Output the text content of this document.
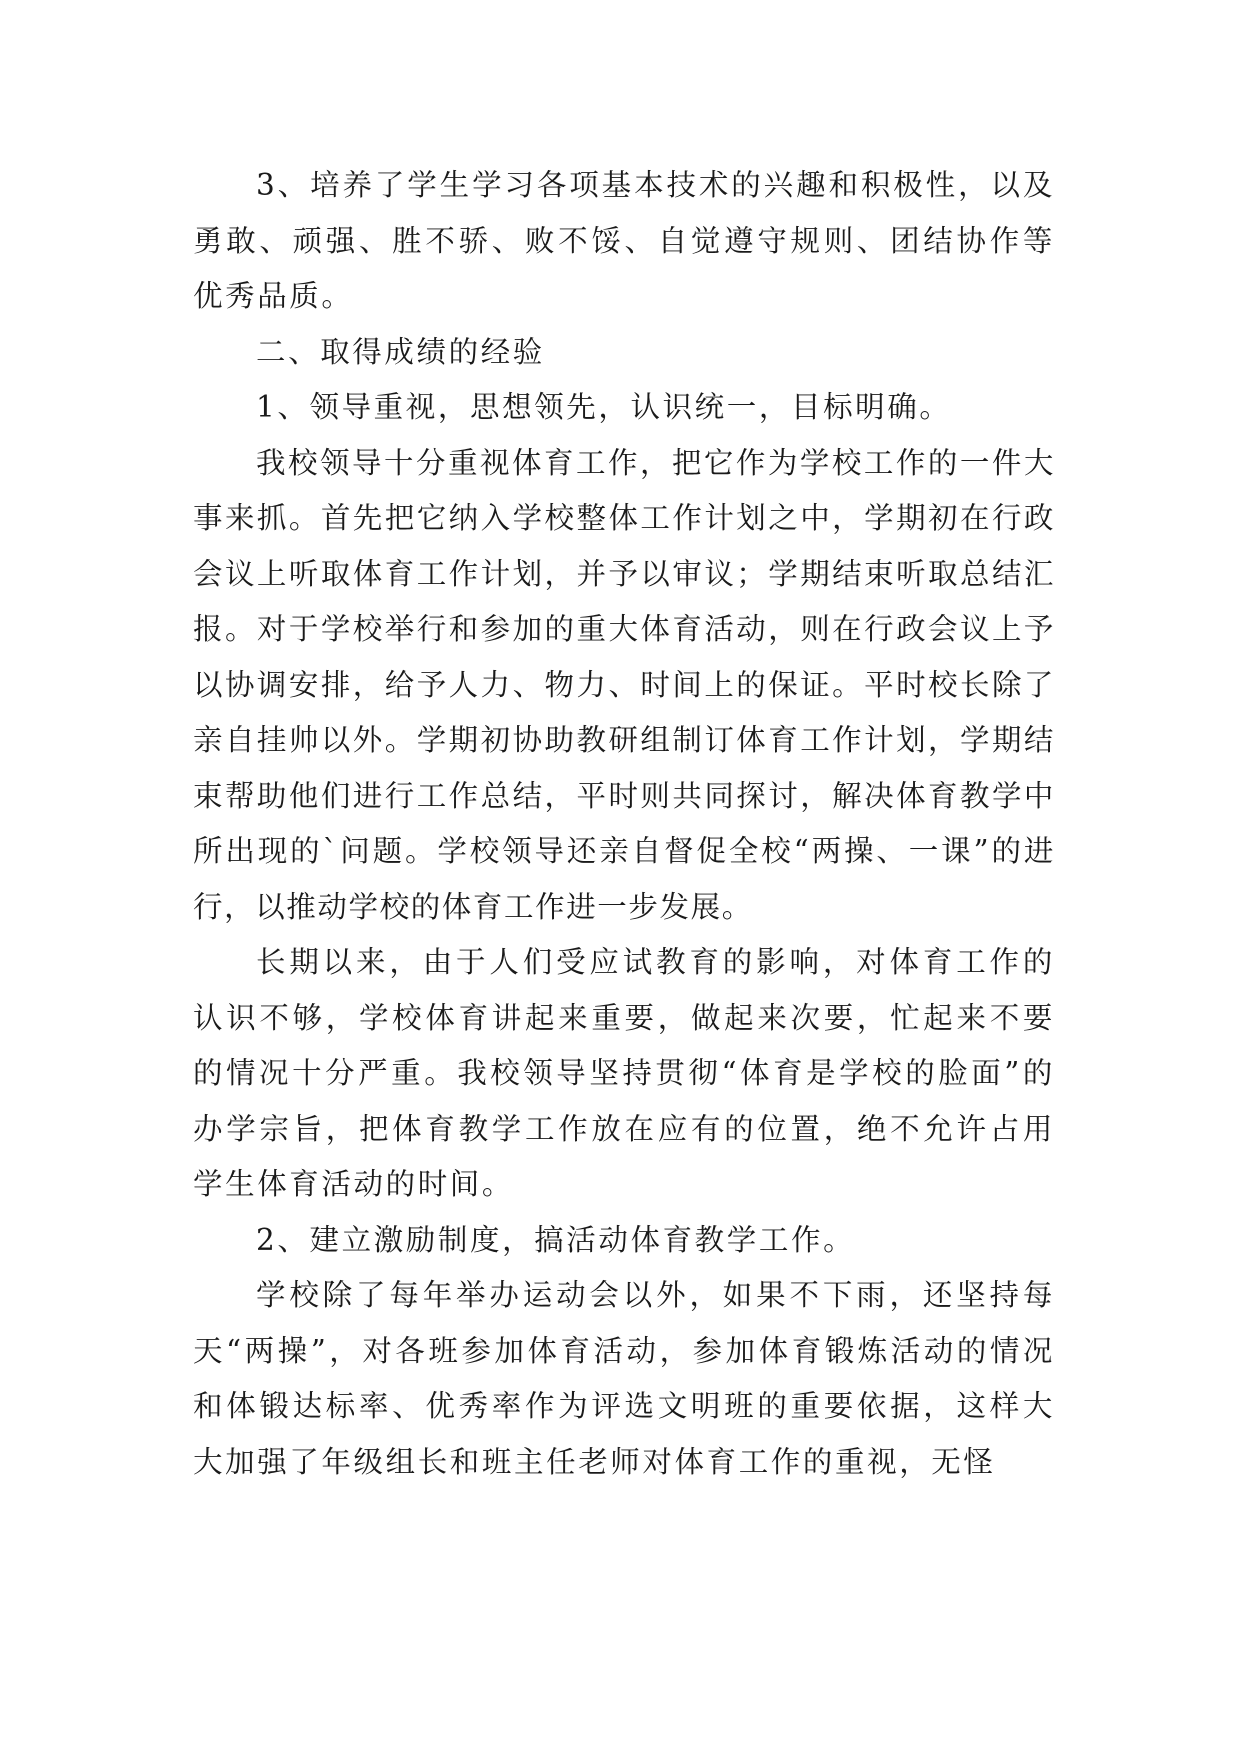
3、培养了学生学习各项基本技术的兴趣和积极性，以及勇敢、顽强、胜不骄、败不馁、自觉遵守规则、团结协作等优秀品质。

二、取得成绩的经验

1、领导重视，思想领先，认识统一，目标明确。

我校领导十分重视体育工作，把它作为学校工作的一件大事来抓。首先把它纳入学校整体工作计划之中，学期初在行政会议上听取体育工作计划，并予以审议；学期结束听取总结汇报。对于学校举行和参加的重大体育活动，则在行政会议上予以协调安排，给予人力、物力、时间上的保证。平时校长除了亲自挂帅以外。学期初协助教研组制订体育工作计划，学期结束帮助他们进行工作总结，平时则共同探讨，解决体育教学中所出现的`问题。学校领导还亲自督促全校“两操、一课”的进行，以推动学校的体育工作进一步发展。

长期以来，由于人们受应试教育的影响，对体育工作的认识不够，学校体育讲起来重要，做起来次要，忙起来不要的情况十分严重。我校领导坚持贯彻“体育是学校的脸面”的办学宗旨，把体育教学工作放在应有的位置，绝不允许占用学生体育活动的时间。

2、建立激励制度，搞活动体育教学工作。

学校除了每年举办运动会以外，如果不下雨，还坚持每天“两操”，对各班参加体育活动，参加体育锻炼活动的情况和体锻达标率、优秀率作为评选文明班的重要依据，这样大大加强了年级组长和班主任老师对体育工作的重视，无怪
